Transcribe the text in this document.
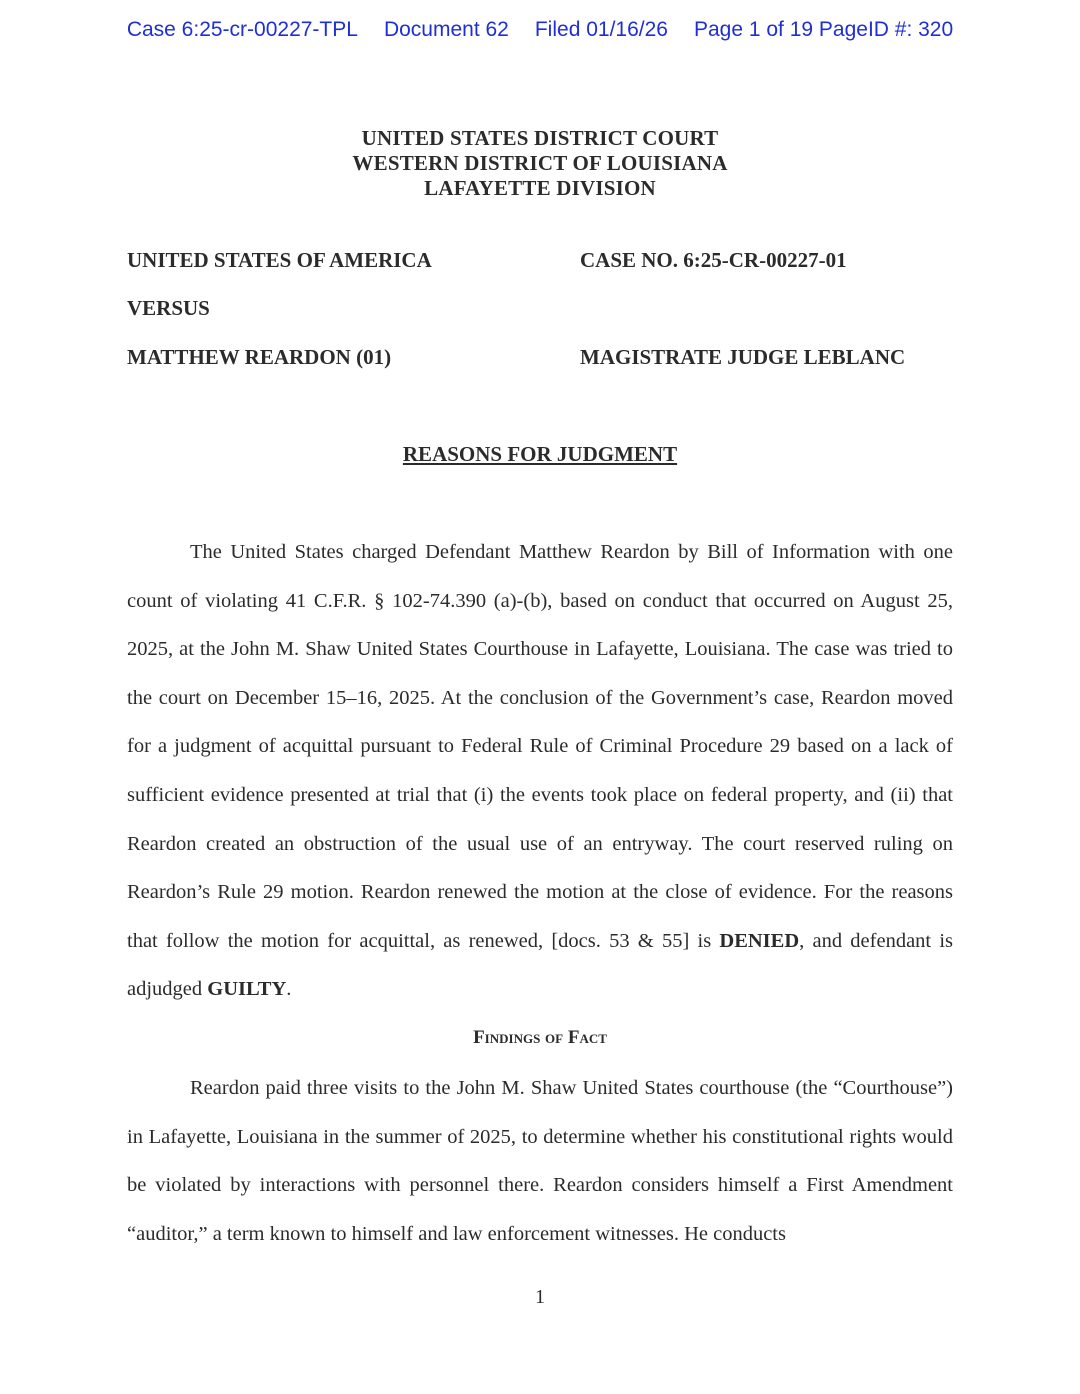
Case 6:25-cr-00227-TPL Document 62 Filed 01/16/26 Page 1 of 19 PageID #: 320
UNITED STATES DISTRICT COURT
WESTERN DISTRICT OF LOUISIANA
LAFAYETTE DIVISION
UNITED STATES OF AMERICA	CASE NO. 6:25-CR-00227-01
VERSUS
MATTHEW REARDON (01)	MAGISTRATE JUDGE LEBLANC
REASONS FOR JUDGMENT
The United States charged Defendant Matthew Reardon by Bill of Information with one count of violating 41 C.F.R. § 102-74.390 (a)-(b), based on conduct that occurred on August 25, 2025, at the John M. Shaw United States Courthouse in Lafayette, Louisiana. The case was tried to the court on December 15–16, 2025. At the conclusion of the Government’s case, Reardon moved for a judgment of acquittal pursuant to Federal Rule of Criminal Procedure 29 based on a lack of sufficient evidence presented at trial that (i) the events took place on federal property, and (ii) that Reardon created an obstruction of the usual use of an entryway. The court reserved ruling on Reardon’s Rule 29 motion. Reardon renewed the motion at the close of evidence. For the reasons that follow the motion for acquittal, as renewed, [docs. 53 & 55] is DENIED, and defendant is adjudged GUILTY.
Findings of Fact
Reardon paid three visits to the John M. Shaw United States courthouse (the “Courthouse”) in Lafayette, Louisiana in the summer of 2025, to determine whether his constitutional rights would be violated by interactions with personnel there. Reardon considers himself a First Amendment “auditor,” a term known to himself and law enforcement witnesses. He conducts
1
